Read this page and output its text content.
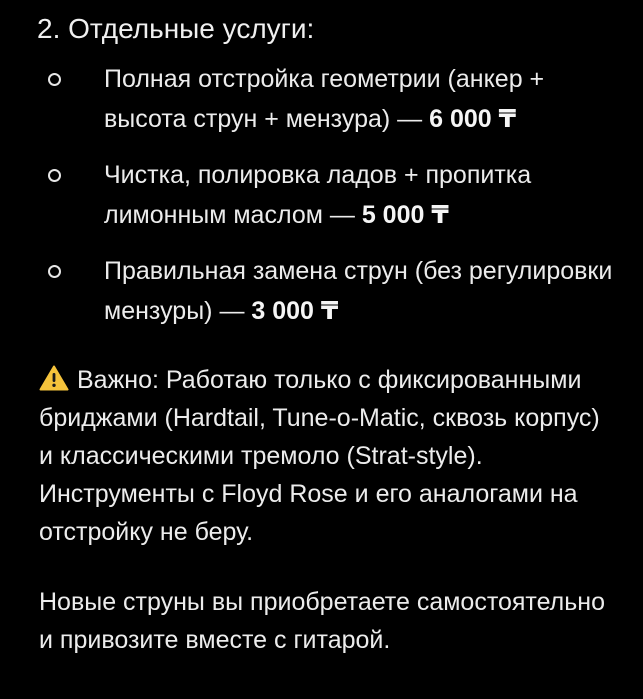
2. Отдельные услуги:
Полная отстройка геометрии (анкер + высота струн + мензура) — 6 000 ₸
Чистка, полировка ладов + пропитка лимонным маслом — 5 000 ₸
Правильная замена струн (без регулировки мензуры) — 3 000 ₸
Важно: Работаю только с фиксированными бриджами (Hardtail, Tune-o-Matic, сквозь корпус) и классическими тремоло (Strat-style). Инструменты с Floyd Rose и его аналогами на отстройку не беру.
Новые струны вы приобретаете самостоятельно и привозите вместе с гитарой.
